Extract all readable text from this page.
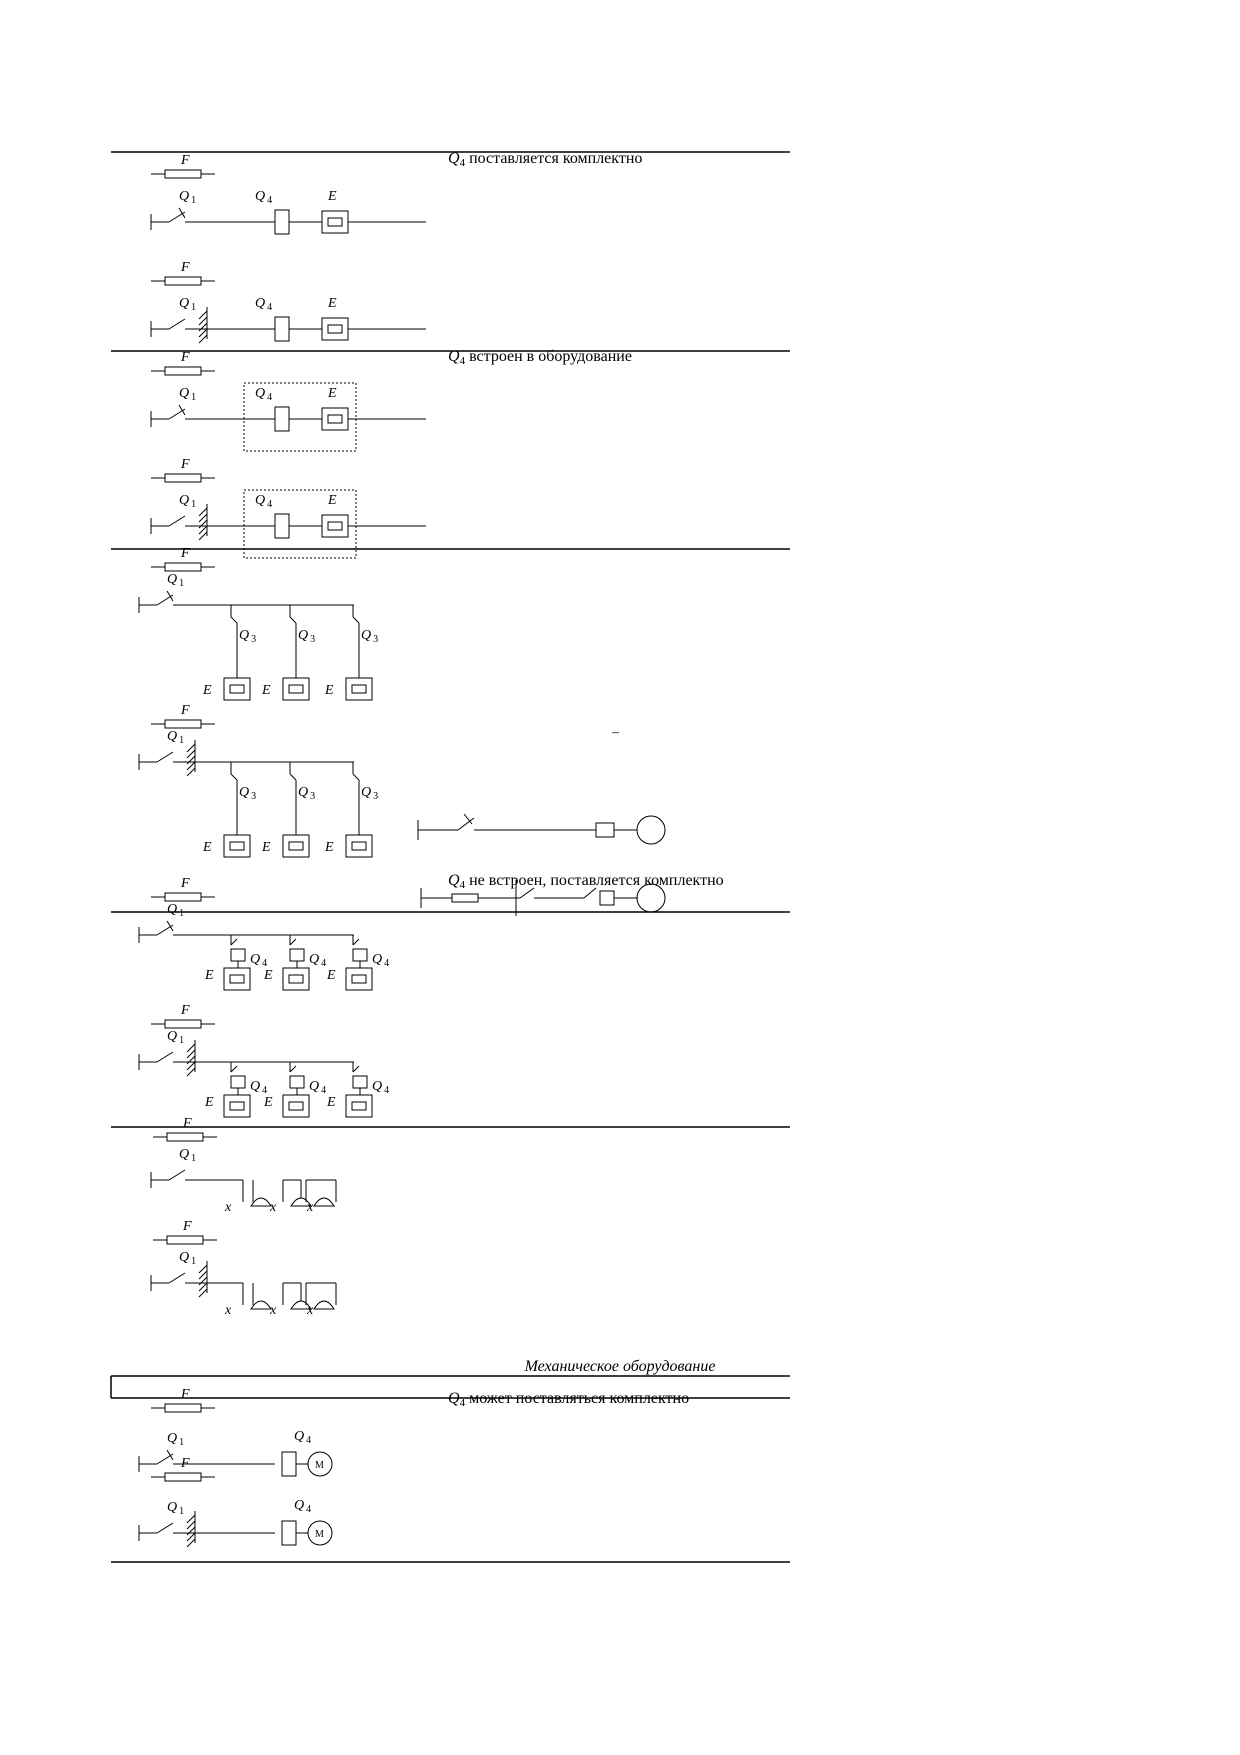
F
Q $_1$	Q $_4$	E
F
Q $_1$	Q $_4$	E
F
Q $_1$	Q $_4$	E
F
Q $_1$	Q $_4$	E
F
Q $_1$
Q $_3$
E
Q $_3$
E
Q $_3$
E
F
Q $_1$
Q $_3$
E
Q $_3$
E
Q $_3$
E
–
F
Q $_1$
Q $_4$
E
Q $_4$
E
Q $_4$
E
F
Q $_1$
Q $_4$
E
Q $_4$
E
Q $_4$
E
F
Q $_1$
x	x x
F
Q $_1$
x	x x
F
Q $_1$
M
Q $_4$
F
Q $_1$
M
Q $_4$
$Q_4$ поставляется комплектно
$Q_4$ встроен в оборудование
$Q_4$ не встроен, поставляется комплектно
$Q_4$ может поставляться комплектно
Механическое оборудование
